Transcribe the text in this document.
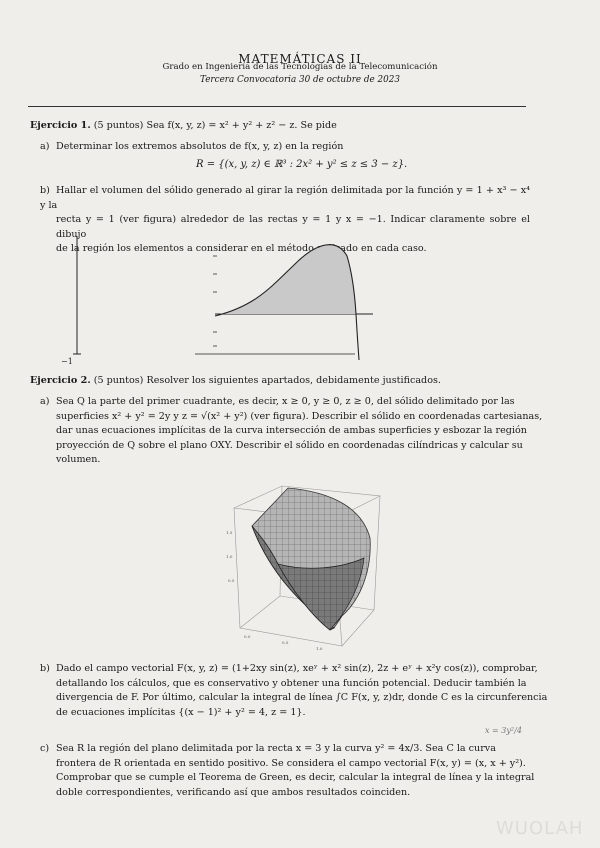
MATEMÁTICAS II
Grado en Ingeniería de las Tecnologías de la Telecomunicación
Tercera Convocatoria 30 de octubre de 2023
Ejercicio 1. (5 puntos) Sea f(x, y, z) = x² + y² + z² − z. Se pide
a) Determinar los extremos absolutos de f(x, y, z) en la región
R = {(x, y, z) ∈ ℝ³ : 2x² + y² ≤ z ≤ 3 − z}.
b) Hallar el volumen del sólido generado al girar la región delimitada por la función y = 1 + x³ − x⁴ y la
recta y = 1 (ver figura) alrededor de las rectas y = 1 y x = −1. Indicar claramente sobre el dibujo
de la región los elementos a considerar en el método aplicado en cada caso.
−1
Ejercicio 2. (5 puntos) Resolver los siguientes apartados, debidamente justificados.
a) Sea Q la parte del primer cuadrante, es decir, x ≥ 0, y ≥ 0, z ≥ 0, del sólido delimitado por las
superficies x² + y² = 2y y z = √(x² + y²) (ver figura). Describir el sólido en coordenadas cartesianas,
dar unas ecuaciones implícitas de la curva intersección de ambas superficies y esbozar la región
proyección de Q sobre el plano OXY. Describir el sólido en coordenadas cilíndricas y calcular su
volumen.
1.5
1.0
0.5
0.0
0.5
1.0
b) Dado el campo vectorial F(x, y, z) = (1+2xy sin(z), xeʸ + x² sin(z), 2z + eʸ + x²y cos(z)), comprobar,
detallando los cálculos, que es conservativo y obtener una función potencial. Deducir también la
divergencia de F. Por último, calcular la integral de línea ∫C F(x, y, z)dr, donde C es la circunferencia
de ecuaciones implícitas {(x − 1)² + y² = 4, z = 1}.
c) Sea R la región del plano delimitada por la recta x = 3 y la curva y² = 4x/3. Sea C la curva
frontera de R orientada en sentido positivo. Se considera el campo vectorial F(x, y) = (x, x + y²).
Comprobar que se cumple el Teorema de Green, es decir, calcular la integral de línea y la integral
doble correspondientes, verificando así que ambos resultados coinciden.
x = 3y²/4
WUOLAH
